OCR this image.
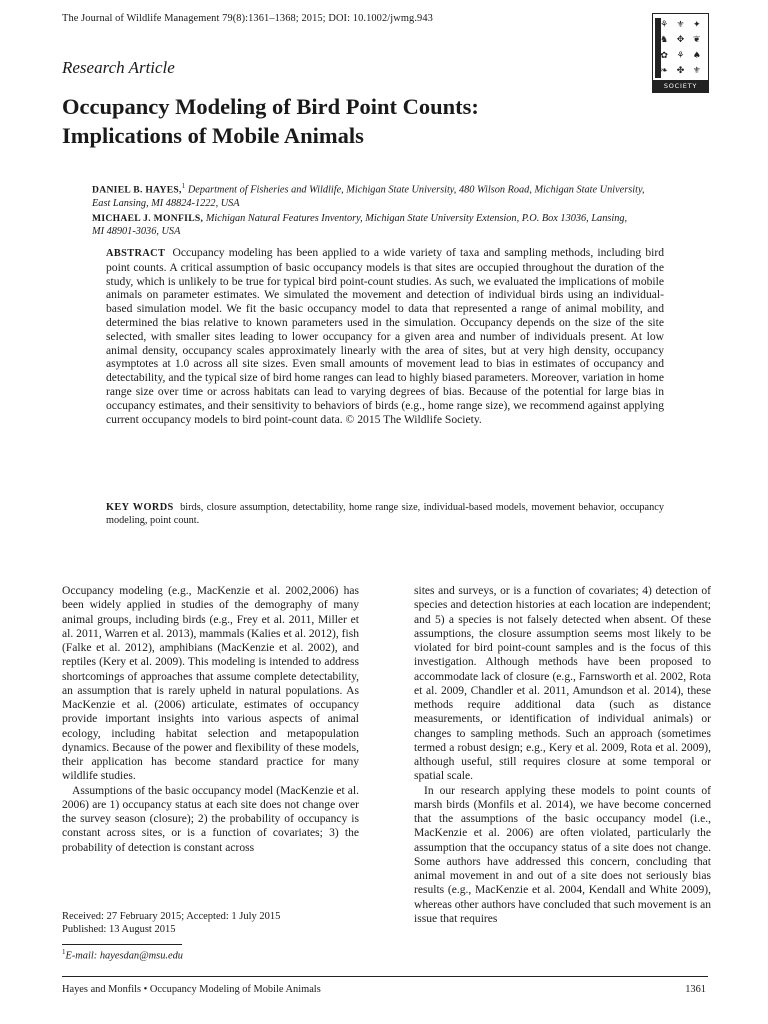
The Journal of Wildlife Management 79(8):1361–1368; 2015; DOI: 10.1002/jwmg.943
⚘ ⚜ ✦
♞ ✥ ❦
✿ ⚘ ♠
❧ ✤ ⚜
SOCIETY
Research Article
Occupancy Modeling of Bird Point Counts:
Implications of Mobile Animals
DANIEL B. HAYES,$^1$ Department of Fisheries and Wildlife, Michigan State University, 480 Wilson Road, Michigan State University,
East Lansing, MI 48824-1222, USA
MICHAEL J. MONFILS, Michigan Natural Features Inventory, Michigan State University Extension, P.O. Box 13036, Lansing,
MI 48901-3036, USA
ABSTRACT Occupancy modeling has been applied to a wide variety of taxa and sampling methods, including bird point counts. A critical assumption of basic occupancy models is that sites are occupied throughout the duration of the study, which is unlikely to be true for typical bird point-count studies. As such, we evaluated the implications of mobile animals on parameter estimates. We simulated the movement and detection of individual birds using an individual-based simulation model. We fit the basic occupancy model to data that represented a range of animal mobility, and determined the bias relative to known parameters used in the simulation. Occupancy depends on the size of the site selected, with smaller sites leading to lower occupancy for a given area and number of individuals present. At low animal density, occupancy scales approximately linearly with the area of sites, but at very high density, occupancy asymptotes at 1.0 across all site sizes. Even small amounts of movement lead to bias in estimates of occupancy and detectability, and the typical size of bird home ranges can lead to highly biased parameters. Moreover, variation in home range size over time or across habitats can lead to varying degrees of bias. Because of the potential for large bias in occupancy estimates, and their sensitivity to behaviors of birds (e.g., home range size), we recommend against applying current occupancy models to bird point-count data. © 2015 The Wildlife Society.
KEY WORDS birds, closure assumption, detectability, home range size, individual-based models, movement behavior, occupancy modeling, point count.

Occupancy modeling (e.g., MacKenzie et al. 2002,2006) has been widely applied in studies of the demography of many animal groups, including birds (e.g., Frey et al. 2011, Miller et al. 2011, Warren et al. 2013), mammals (Kalies et al. 2012), fish (Falke et al. 2012), amphibians (MacKenzie et al. 2002), and reptiles (Kery et al. 2009). This modeling is intended to address shortcomings of approaches that assume complete detectability, an assumption that is rarely upheld in natural populations. As MacKenzie et al. (2006) articulate, estimates of occupancy provide important insights into various aspects of animal ecology, including habitat selection and metapopulation dynamics. Because of the power and flexibility of these models, their application has become standard practice for many wildlife studies.

Assumptions of the basic occupancy model (MacKenzie et al. 2006) are 1) occupancy status at each site does not change over the survey season (closure); 2) the probability of occupancy is constant across sites, or is a function of covariates; 3) the probability of detection is constant across

sites and surveys, or is a function of covariates; 4) detection of species and detection histories at each location are independent; and 5) a species is not falsely detected when absent. Of these assumptions, the closure assumption seems most likely to be violated for bird point-count samples and is the focus of this investigation. Although methods have been proposed to accommodate lack of closure (e.g., Farnsworth et al. 2002, Rota et al. 2009, Chandler et al. 2011, Amundson et al. 2014), these methods require additional data (such as distance measurements, or identification of individual animals) or changes to sampling methods. Such an approach (sometimes termed a robust design; e.g., Kery et al. 2009, Rota et al. 2009), although useful, still requires closure at some temporal or spatial scale.

In our research applying these models to point counts of marsh birds (Monfils et al. 2014), we have become concerned that the assumptions of the basic occupancy model (i.e., MacKenzie et al. 2006) are often violated, particularly the assumption that the occupancy status of a site does not change. Some authors have addressed this concern, concluding that animal movement in and out of a site does not seriously bias results (e.g., MacKenzie et al. 2004, Kendall and White 2009), whereas other authors have concluded that such movement is an issue that requires

Received: 27 February 2015; Accepted: 1 July 2015
Published: 13 August 2015
$^1$E-mail: hayesdan@msu.edu
Hayes and Monfils • Occupancy Modeling of Mobile Animals	1361
